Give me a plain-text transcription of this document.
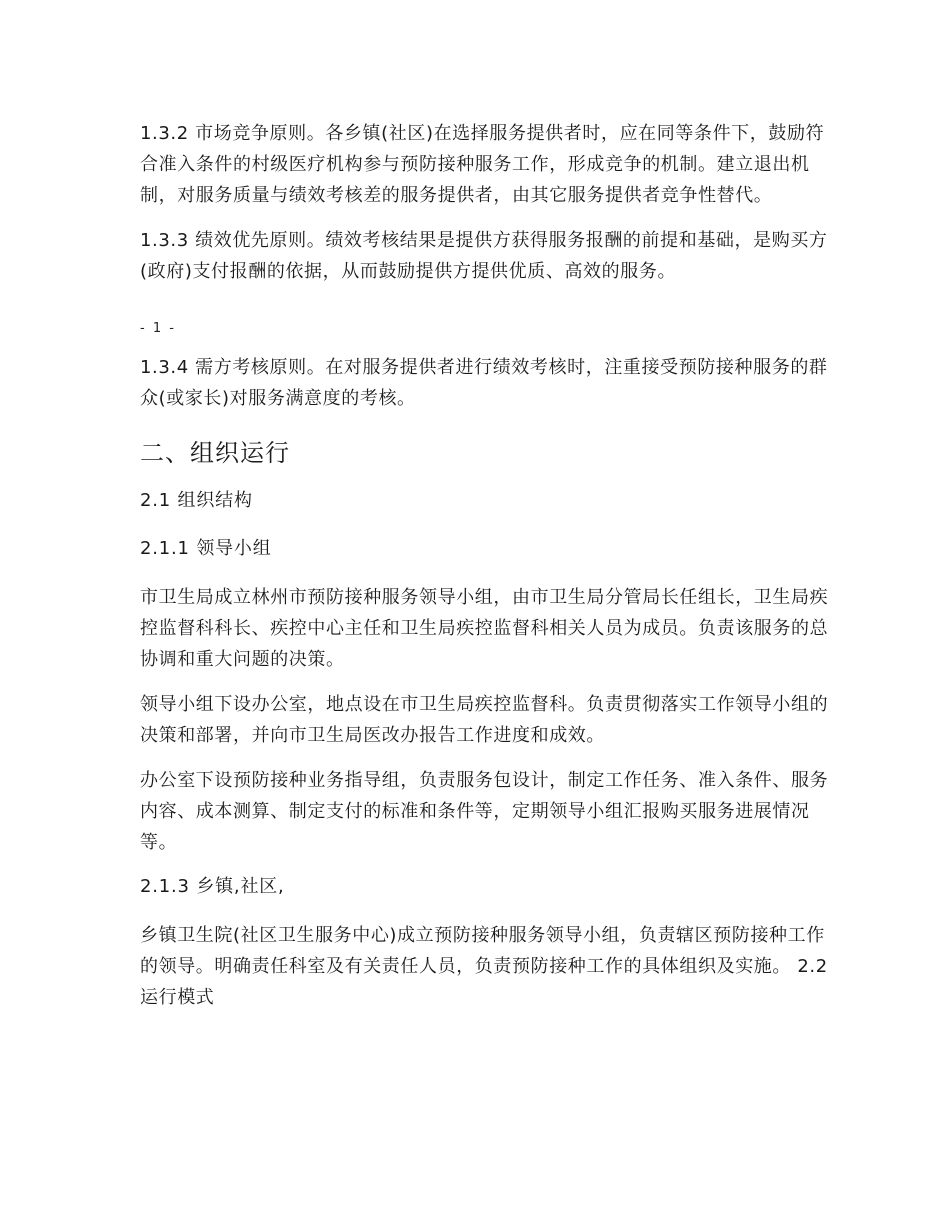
1.3.2 市场竞争原则。各乡镇(社区)在选择服务提供者时，应在同等条件下，鼓励符合准入条件的村级医疗机构参与预防接种服务工作，形成竞争的机制。建立退出机制，对服务质量与绩效考核差的服务提供者，由其它服务提供者竞争性替代。

1.3.3 绩效优先原则。绩效考核结果是提供方获得服务报酬的前提和基础，是购买方(政府)支付报酬的依据，从而鼓励提供方提供优质、高效的服务。

- 1 -

1.3.4 需方考核原则。在对服务提供者进行绩效考核时，注重接受预防接种服务的群众(或家长)对服务满意度的考核。

二、组织运行
2.1 组织结构
2.1.1 领导小组

市卫生局成立林州市预防接种服务领导小组，由市卫生局分管局长任组长，卫生局疾控监督科科长、疾控中心主任和卫生局疾控监督科相关人员为成员。负责该服务的总协调和重大问题的决策。

领导小组下设办公室，地点设在市卫生局疾控监督科。负责贯彻落实工作领导小组的决策和部署，并向市卫生局医改办报告工作进度和成效。

办公室下设预防接种业务指导组，负责服务包设计，制定工作任务、准入条件、服务内容、成本测算、制定支付的标准和条件等，定期领导小组汇报购买服务进展情况等。

2.1.3 乡镇,社区,

乡镇卫生院(社区卫生服务中心)成立预防接种服务领导小组，负责辖区预防接种工作的领导。明确责任科室及有关责任人员，负责预防接种工作的具体组织及实施。 2.2 运行模式
